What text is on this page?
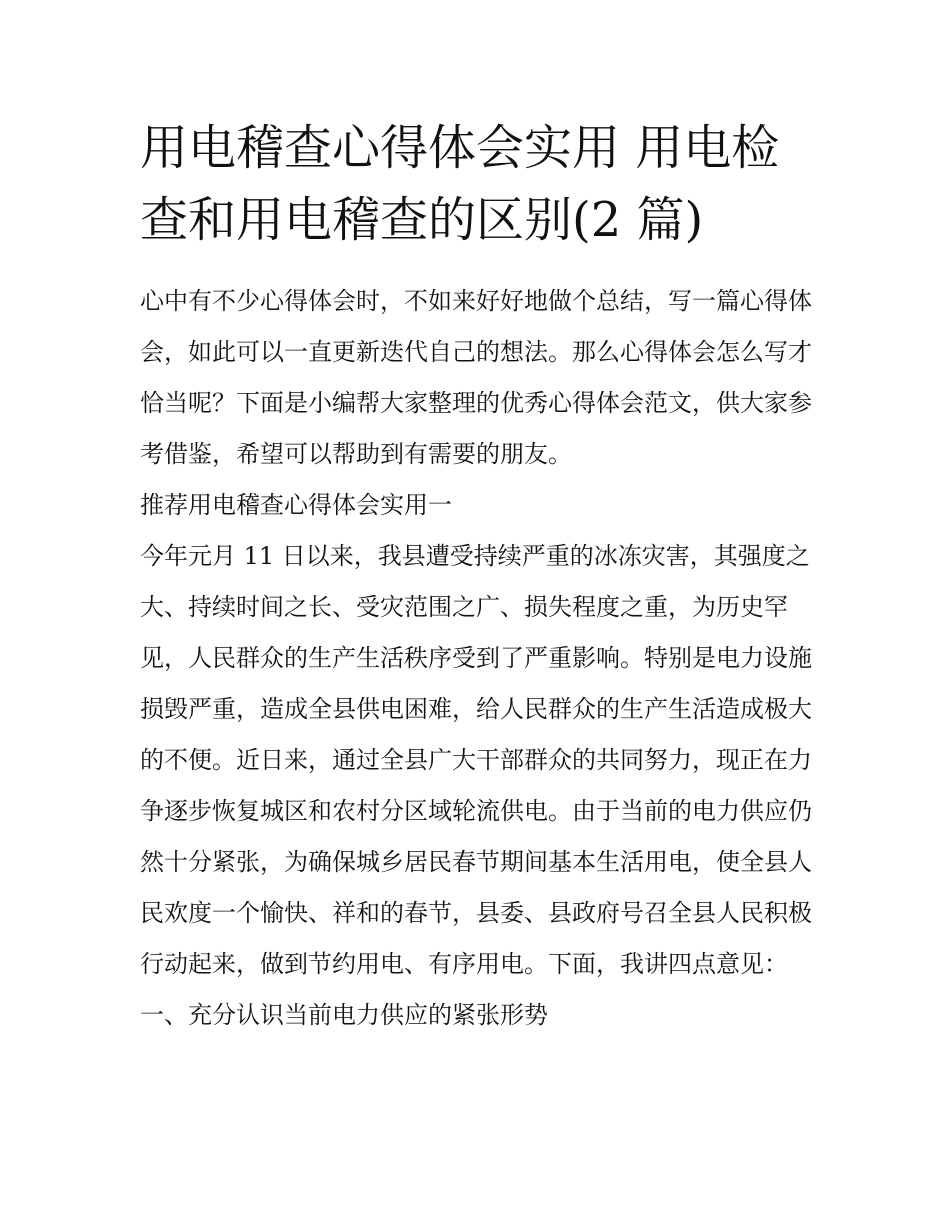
用电稽查心得体会实用 用电检查和用电稽查的区别(2 篇)

心中有不少心得体会时，不如来好好地做个总结，写一篇心得体会，如此可以一直更新迭代自己的想法。那么心得体会怎么写才恰当呢？下面是小编帮大家整理的优秀心得体会范文，供大家参考借鉴，希望可以帮助到有需要的朋友。

推荐用电稽查心得体会实用一

今年元月 11 日以来，我县遭受持续严重的冰冻灾害，其强度之大、持续时间之长、受灾范围之广、损失程度之重，为历史罕见，人民群众的生产生活秩序受到了严重影响。特别是电力设施损毁严重，造成全县供电困难，给人民群众的生产生活造成极大的不便。近日来，通过全县广大干部群众的共同努力，现正在力争逐步恢复城区和农村分区域轮流供电。由于当前的电力供应仍然十分紧张，为确保城乡居民春节期间基本生活用电，使全县人民欢度一个愉快、祥和的春节，县委、县政府号召全县人民积极行动起来，做到节约用电、有序用电。下面，我讲四点意见：

一、充分认识当前电力供应的紧张形势
